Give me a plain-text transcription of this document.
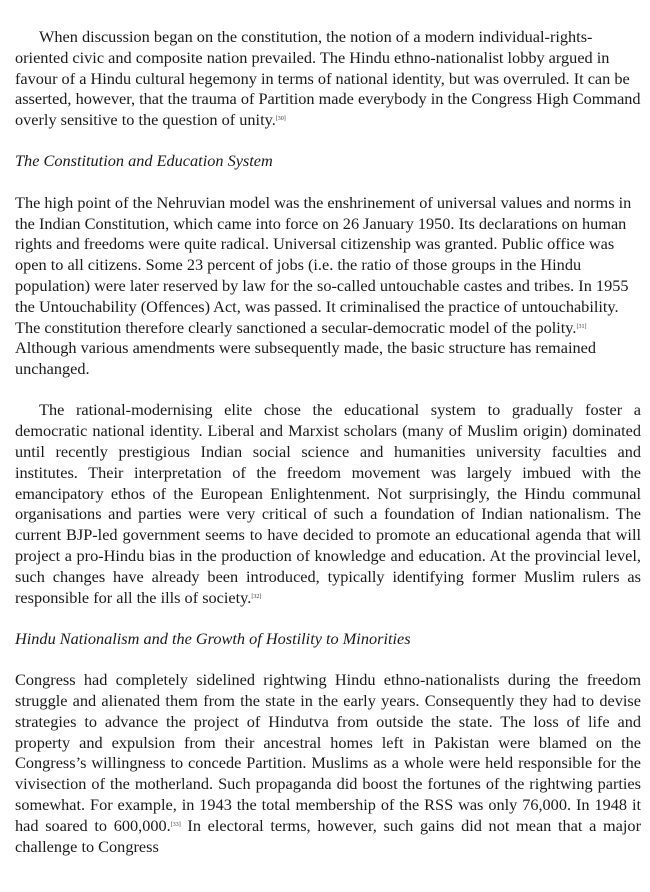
When discussion began on the constitution, the notion of a modern individual-rights-oriented civic and composite nation prevailed. The Hindu ethno-nationalist lobby argued in favour of a Hindu cultural hegemony in terms of national identity, but was overruled. It can be asserted, however, that the trauma of Partition made everybody in the Congress High Command overly sensitive to the question of unity.[30]

The Constitution and Education System

The high point of the Nehruvian model was the enshrinement of universal values and norms in the Indian Constitution, which came into force on 26 January 1950. Its declarations on human rights and freedoms were quite radical. Universal citizenship was granted. Public office was open to all citizens. Some 23 percent of jobs (i.e. the ratio of those groups in the Hindu population) were later reserved by law for the so-called untouchable castes and tribes. In 1955 the Untouchability (Offences) Act, was passed. It criminalised the practice of untouchability. The constitution therefore clearly sanctioned a secular-democratic model of the polity.[31] Although various amendments were subsequently made, the basic structure has remained unchanged.

The rational-modernising elite chose the educational system to gradually foster a democratic national identity. Liberal and Marxist scholars (many of Muslim origin) dominated until recently prestigious Indian social science and humanities university faculties and institutes. Their interpretation of the freedom movement was largely imbued with the emancipatory ethos of the European Enlightenment. Not surprisingly, the Hindu communal organisations and parties were very critical of such a foundation of Indian nationalism. The current BJP-led government seems to have decided to promote an educational agenda that will project a pro-Hindu bias in the production of knowledge and education. At the provincial level, such changes have already been introduced, typically identifying former Muslim rulers as responsible for all the ills of society.[32]

Hindu Nationalism and the Growth of Hostility to Minorities

Congress had completely sidelined rightwing Hindu ethno-nationalists during the freedom struggle and alienated them from the state in the early years. Consequently they had to devise strategies to advance the project of Hindutva from outside the state. The loss of life and property and expulsion from their ancestral homes left in Pakistan were blamed on the Congress’s willingness to concede Partition. Muslims as a whole were held responsible for the vivisection of the motherland. Such propaganda did boost the fortunes of the rightwing parties somewhat. For example, in 1943 the total membership of the RSS was only 76,000. In 1948 it had soared to 600,000.[33] In electoral terms, however, such gains did not mean that a major challenge to Congress
